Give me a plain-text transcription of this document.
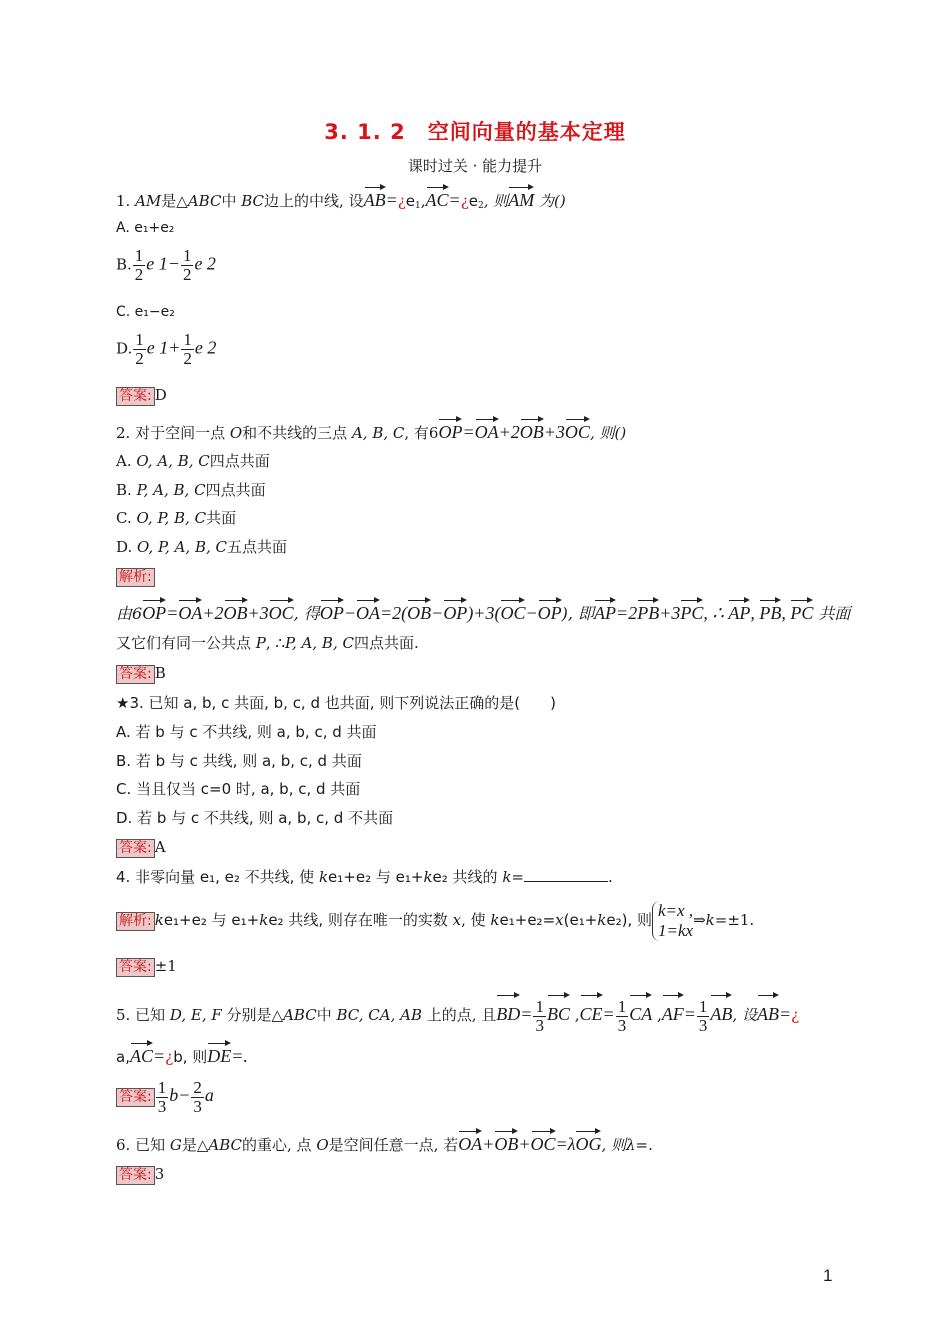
3. 1. 2　空间向量的基本定理
课时过关 · 能力提升
1. AM是△ABC中 BC边上的中线, 设$AB=¿e_1,AC=¿e_2$, 则AM 为()
A. e₁+e₂
B. $\frac{1}{2}$ e $1- \frac{1}{2}$ e 2
C. e₁−e₂
D. $\frac{1}{2}$ e $1+ \frac{1}{2}$ e 2
答案: D
2. 对于空间一点 O和不共线的三点 A, B, C, 有6OP=OA+2OB+3OC, 则()
A. O, A, B, C四点共面
B. P, A, B, C四点共面
C. O, P, B, C共面
D. O, P, A, B, C五点共面
解析:
由6OP=OA+2OB+3OC, 得OP−OA=2(OB−OP)+3(OC−OP), 即AP=2PB+3PC, ∴ AP, PB, PC 共面
又它们有同一公共点 P, ∴P, A, B, C四点共面.
答案: B
★3. 已知 a, b, c 共面, b, c, d 也共面, 则下列说法正确的是(　　)
A. 若 b 与 c 不共线, 则 a, b, c, d 共面
B. 若 b 与 c 共线, 则 a, b, c, d 共面
C. 当且仅当 c=0 时, a, b, c, d 共面
D. 若 b 与 c 不共线, 则 a, b, c, d 不共面
答案: A
4. 非零向量 e₁, e₂ 不共线, 使 ke₁+e₂ 与 e₁+ke₂ 共线的 k=	.
解析: ke₁+e₂ 与 e₁+ke₂ 共线, 则存在唯一的实数 x, 使 ke₁+e₂=x(e₁+ke₂), 则 k=x ,
1=kx
⇒k=±1.
答案: ±1
5. 已知 D, E, F 分别是△ABC中 BC, CA, AB 上的点, 且$BD= \frac{1}{3}$ BC $,CE= \frac{1}{3}$ CA $,AF= \frac{1}{3}$ AB, 设AB=¿
a,AC=¿b, 则DE=.
答案: $\frac{1}{3} b- \frac{2}{3}$ a
6. 已知 G是△ABC的重心, 点 O是空间任意一点, 若OA+OB+OC=λOG, 则λ=.
答案: 3
1
